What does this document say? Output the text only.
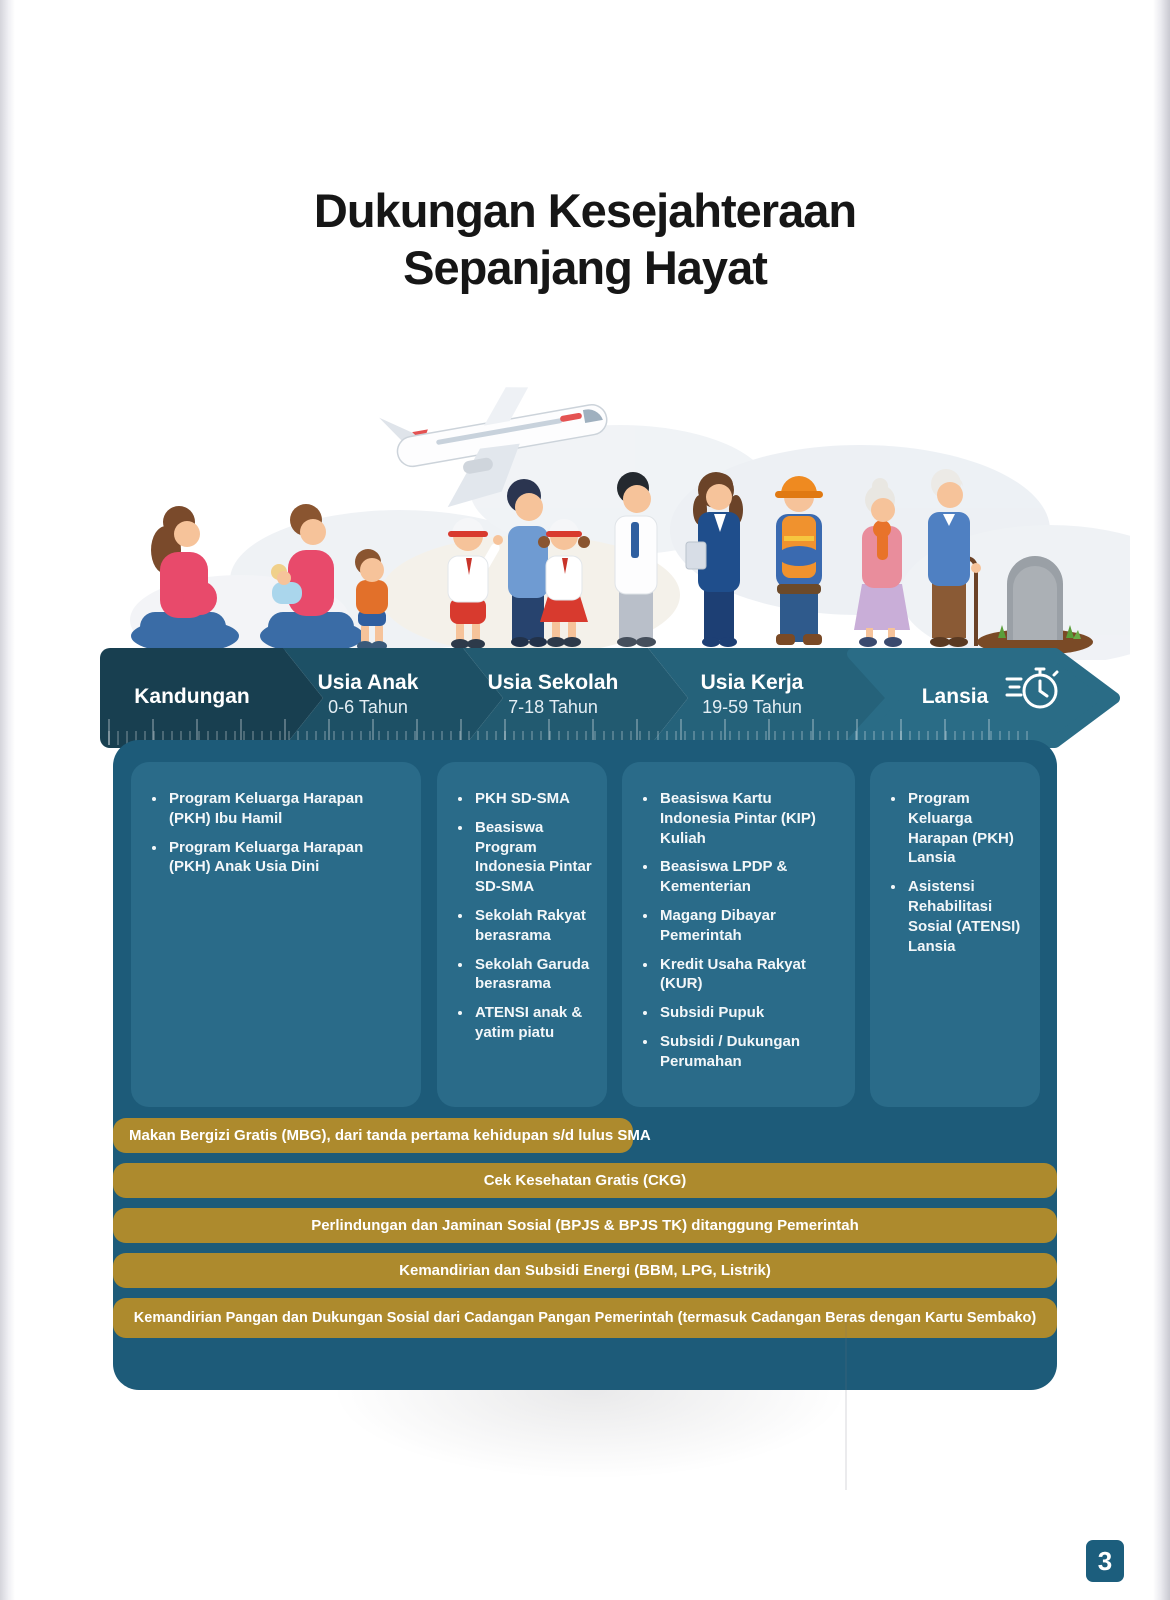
Dukungan Kesejahteraan
Sepanjang Hayat
Kandungan
Usia Anak
0-6 Tahun
Usia Sekolah
7-18 Tahun
Usia Kerja
19-59 Tahun	Lansia
• Program Keluarga Harapan (PKH) Ibu Hamil
• Program Keluarga Harapan (PKH) Anak Usia Dini
• PKH SD-SMA
• Beasiswa Program Indonesia Pintar SD-SMA
• Sekolah Rakyat berasrama
• Sekolah Garuda berasrama
• ATENSI anak & yatim piatu
• Beasiswa Kartu Indonesia Pintar (KIP) Kuliah
• Beasiswa LPDP & Kementerian
• Magang Dibayar Pemerintah
• Kredit Usaha Rakyat (KUR)
• Subsidi Pupuk
• Subsidi / Dukungan Perumahan
• Program Keluarga Harapan (PKH) Lansia
• Asistensi Rehabilitasi Sosial (ATENSI) Lansia
Makan Bergizi Gratis (MBG), dari tanda pertama kehidupan s/d lulus SMA
Cek Kesehatan Gratis (CKG)
Perlindungan dan Jaminan Sosial (BPJS & BPJS TK) ditanggung Pemerintah
Kemandirian dan Subsidi Energi (BBM, LPG, Listrik)
Kemandirian Pangan dan Dukungan Sosial dari Cadangan Pangan Pemerintah (termasuk Cadangan Beras dengan Kartu Sembako)
3
